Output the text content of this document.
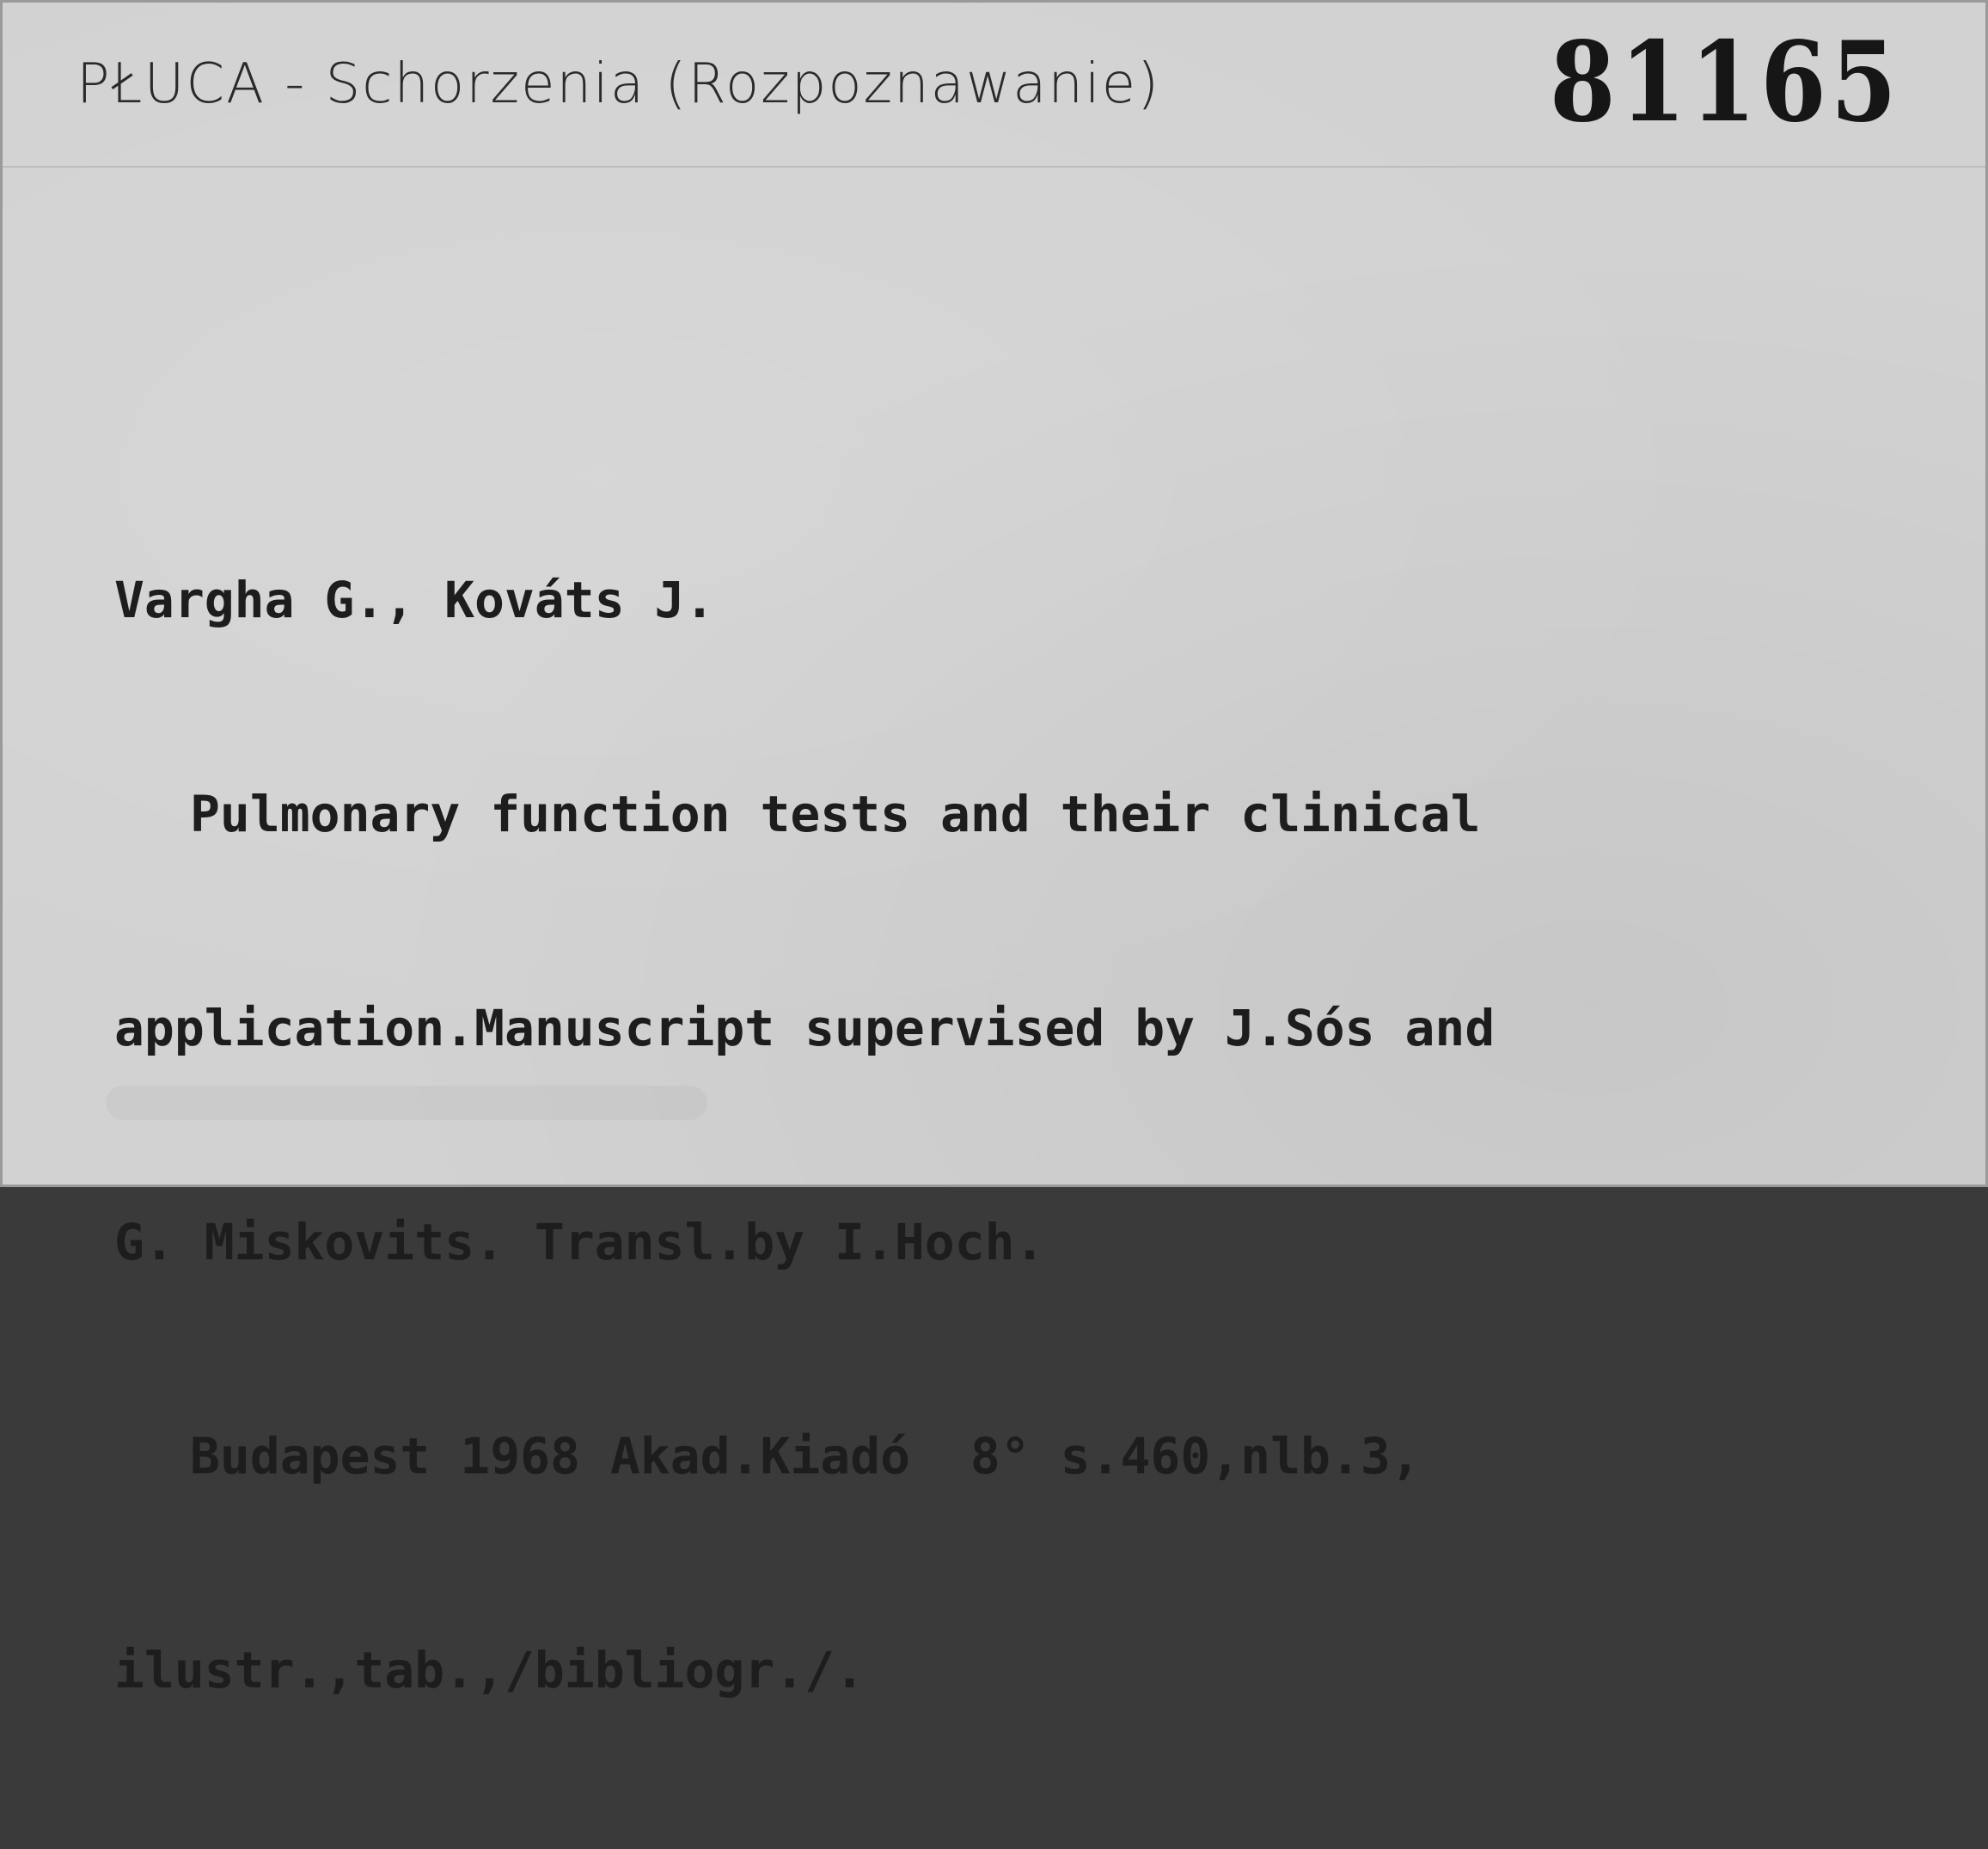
PŁUCA - Schorzenia (Rozpoznawanie)	81165

Vargha G., Kováts J.

Pulmonary function tests and their clinical

application.Manuscript supervised by J.Sós and

G. Miskovits. Transl.by I.Hoch.

Budapest 1968 Akad.Kiadó  8° s.460,nlb.3,

ilustr.,tab.,/bibliogr./.
